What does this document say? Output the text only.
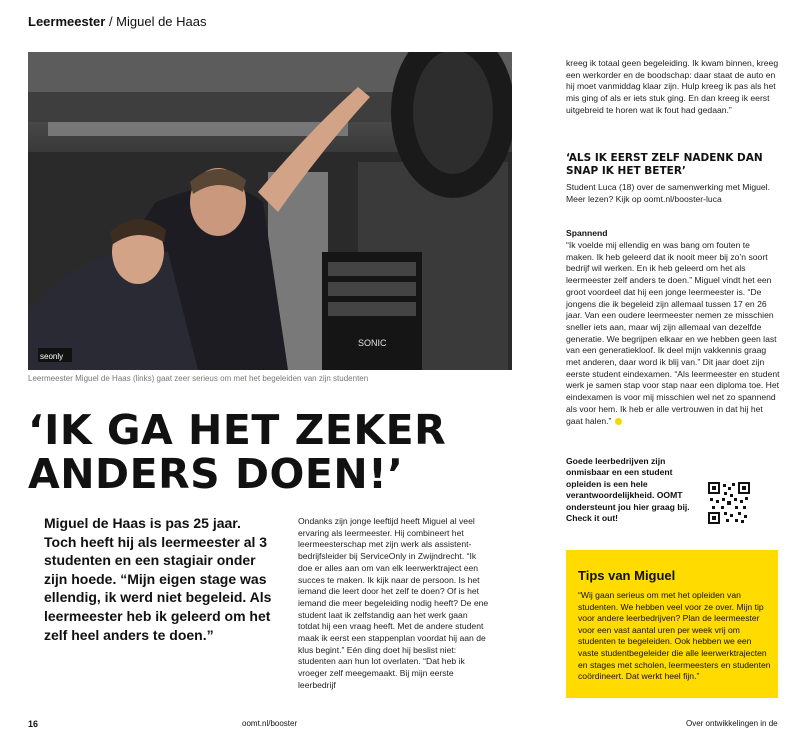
Leermeester / Miguel de Haas
SONIC
seonly
Leermeester Miguel de Haas (links) gaat zeer serieus om met het begeleiden van zijn studenten
‘IK GA HET ZEKER ANDERS DOEN!’

Miguel de Haas is pas 25 jaar. Toch heeft hij als leermeester al 3 studenten en een stagiair onder zijn hoede. “Mijn eigen stage was ellendig, ik werd niet begeleid. Als leermeester heb ik geleerd om het zelf heel anders te doen.”

Ondanks zijn jonge leeftijd heeft Miguel al veel ervaring als leermeester. Hij combineert het leermeesterschap met zijn werk als assistent-bedrijfsleider bij ServiceOnly in Zwijndrecht. “Ik doe er alles aan om van elk leerwerktraject een succes te maken. Ik kijk naar de persoon. Is het iemand die leert door het zelf te doen? Of is het iemand die meer begeleiding nodig heeft? De ene student laat ik zelfstandig aan het werk gaan totdat hij een vraag heeft. Met de andere student maak ik eerst een stappenplan voordat hij aan de klus begint.” Eén ding doet hij beslist niet: studenten aan hun lot overlaten. “Dat heb ik vroeger zelf meegemaakt. Bij mijn eerste leerbedrijf

kreeg ik totaal geen begeleiding. Ik kwam binnen, kreeg een werkorder en de boodschap: daar staat de auto en hij moet vanmiddag klaar zijn. Hulp kreeg ik pas als het mis ging of als er iets stuk ging. En dan kreeg ik eerst uitgebreid te horen wat ik fout had gedaan.”

‘ALS IK EERST ZELF NADENK DAN SNAP IK HET BETER’

Student Luca (18) over de samenwerking met Miguel. Meer lezen? Kijk op oomt.nl/booster-luca

Spannend

“Ik voelde mij ellendig en was bang om fouten te maken. Ik heb geleerd dat ik nooit meer bij zo’n soort bedrijf wil werken. En ik heb geleerd om het als leermeester zelf anders te doen.” Miguel vindt het een groot voordeel dat hij een jonge leermeester is. “De jongens die ik begeleid zijn allemaal tussen 17 en 26 jaar. Van een oudere leermeester nemen ze misschien sneller iets aan, maar wij zijn allemaal van dezelfde generatie. We begrijpen elkaar en we hebben geen last van een generatiekloof. Ik deel mijn vakkennis graag met anderen, daar word ik blij van.” Dit jaar doet zijn eerste student eindexamen. “Als leermeester en student werk je samen stap voor stap naar een diploma toe. Het eindexamen is voor mij misschien wel net zo spannend als voor hem. Ik heb er alle vertrouwen in dat hij het gaat halen.”

Goede leerbedrijven zijn onmisbaar en een student opleiden is een hele verantwoordelijkheid. OOMT ondersteunt jou hier graag bij. Check it out!

Tips van Miguel

“Wij gaan serieus om met het opleiden van studenten. We hebben veel voor ze over. Mijn tip voor andere leerbedrijven? Plan de leermeester voor een vast aantal uren per week vrij om studenten te begeleiden. Ook hebben we een vaste studentbegeleider die alle leerwerktrajecten en stages met scholen, leermeesters en studenten coördineert. Dat werkt heel fijn.”

16	oomt.nl/booster	Over ontwikkelingen in de
